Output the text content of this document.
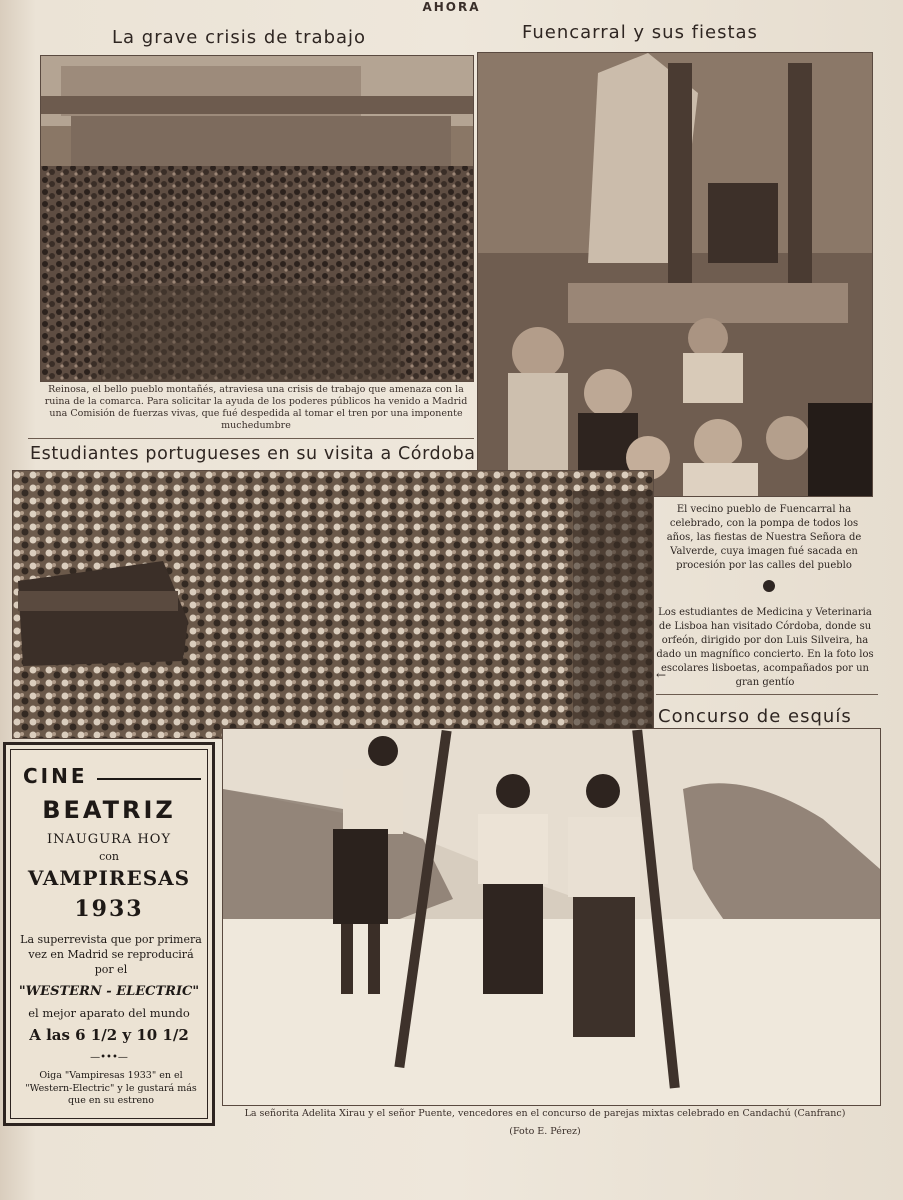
AHORA
La grave crisis de trabajo	Fuencarral y sus fiestas
Estudiantes portugueses en su visita a Córdoba
Concurso de esquís
Reinosa, el bello pueblo montañés, atraviesa una crisis de trabajo que amenaza con la ruina de la comarca. Para solicitar la ayuda de los poderes públicos ha venido a Madrid una Comisión de fuerzas vivas, que fué despedida al tomar el tren por una imponente muchedumbre
El vecino pueblo de Fuencarral ha celebrado, con la pompa de todos los años, las fiestas de Nuestra Señora de Valverde, cuya imagen fué sacada en procesión por las calles del pueblo
Los estudiantes de Medicina y Veterinaria de Lisboa han visitado Córdoba, donde su orfeón, dirigido por don Luis Silveira, ha dado un magnífico concierto. En la foto los escolares lisboetas, acompañados por un gran gentío
←
La señorita Adelita Xirau y el señor Puente, vencedores en el concurso de parejas mixtas celebrado en Candachú (Canfranc)
(Foto E. Pérez)
CINE
BEATRIZ
INAUGURA HOY
con
VAMPIRESAS
1933
La superrevista que por primera vez en Madrid se reproducirá por el
"WESTERN - ELECTRIC"
el mejor aparato del mundo
A las 6 1/2 y 10 1/2
—•••—
Oiga "Vampiresas 1933" en el "Western-Electric" y le gustará más que en su estreno
